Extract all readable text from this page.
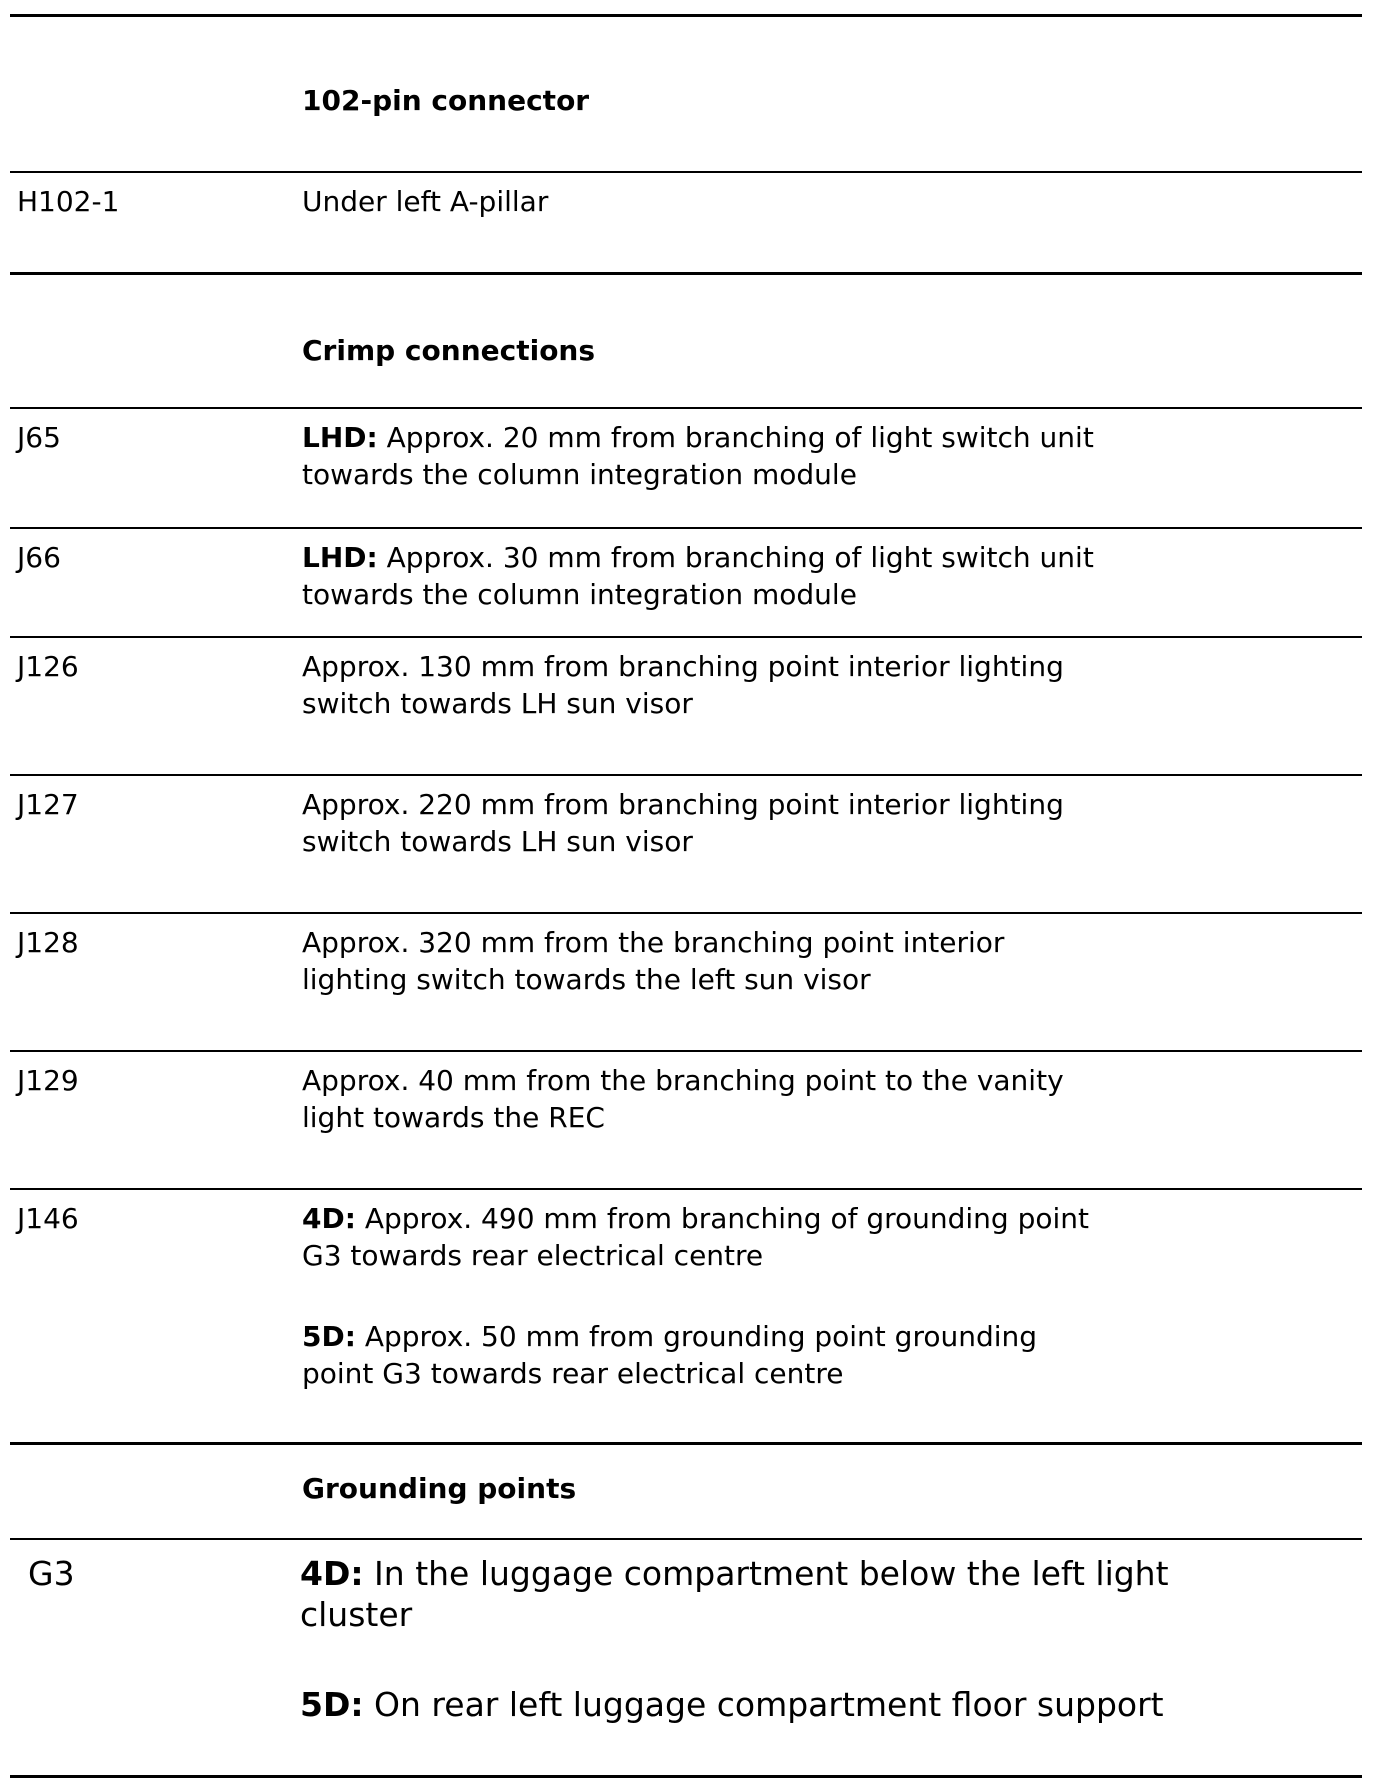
102-pin connector
H102-1	Under left A-pillar
Crimp connections
J65	LHD: Approx. 20 mm from branching of light switch unit
towards the column integration module
J66	LHD: Approx. 30 mm from branching of light switch unit
towards the column integration module
J126	Approx. 130 mm from branching point interior lighting
switch towards LH sun visor
J127	Approx. 220 mm from branching point interior lighting
switch towards LH sun visor
J128	Approx. 320 mm from the branching point interior
lighting switch towards the left sun visor
J129	Approx. 40 mm from the branching point to the vanity
light towards the REC
J146	4D: Approx. 490 mm from branching of grounding point
G3 towards rear electrical centre
5D: Approx. 50 mm from grounding point grounding
point G3 towards rear electrical centre
Grounding points
G3	4D: In the luggage compartment below the left light
cluster
5D: On rear left luggage compartment floor support
